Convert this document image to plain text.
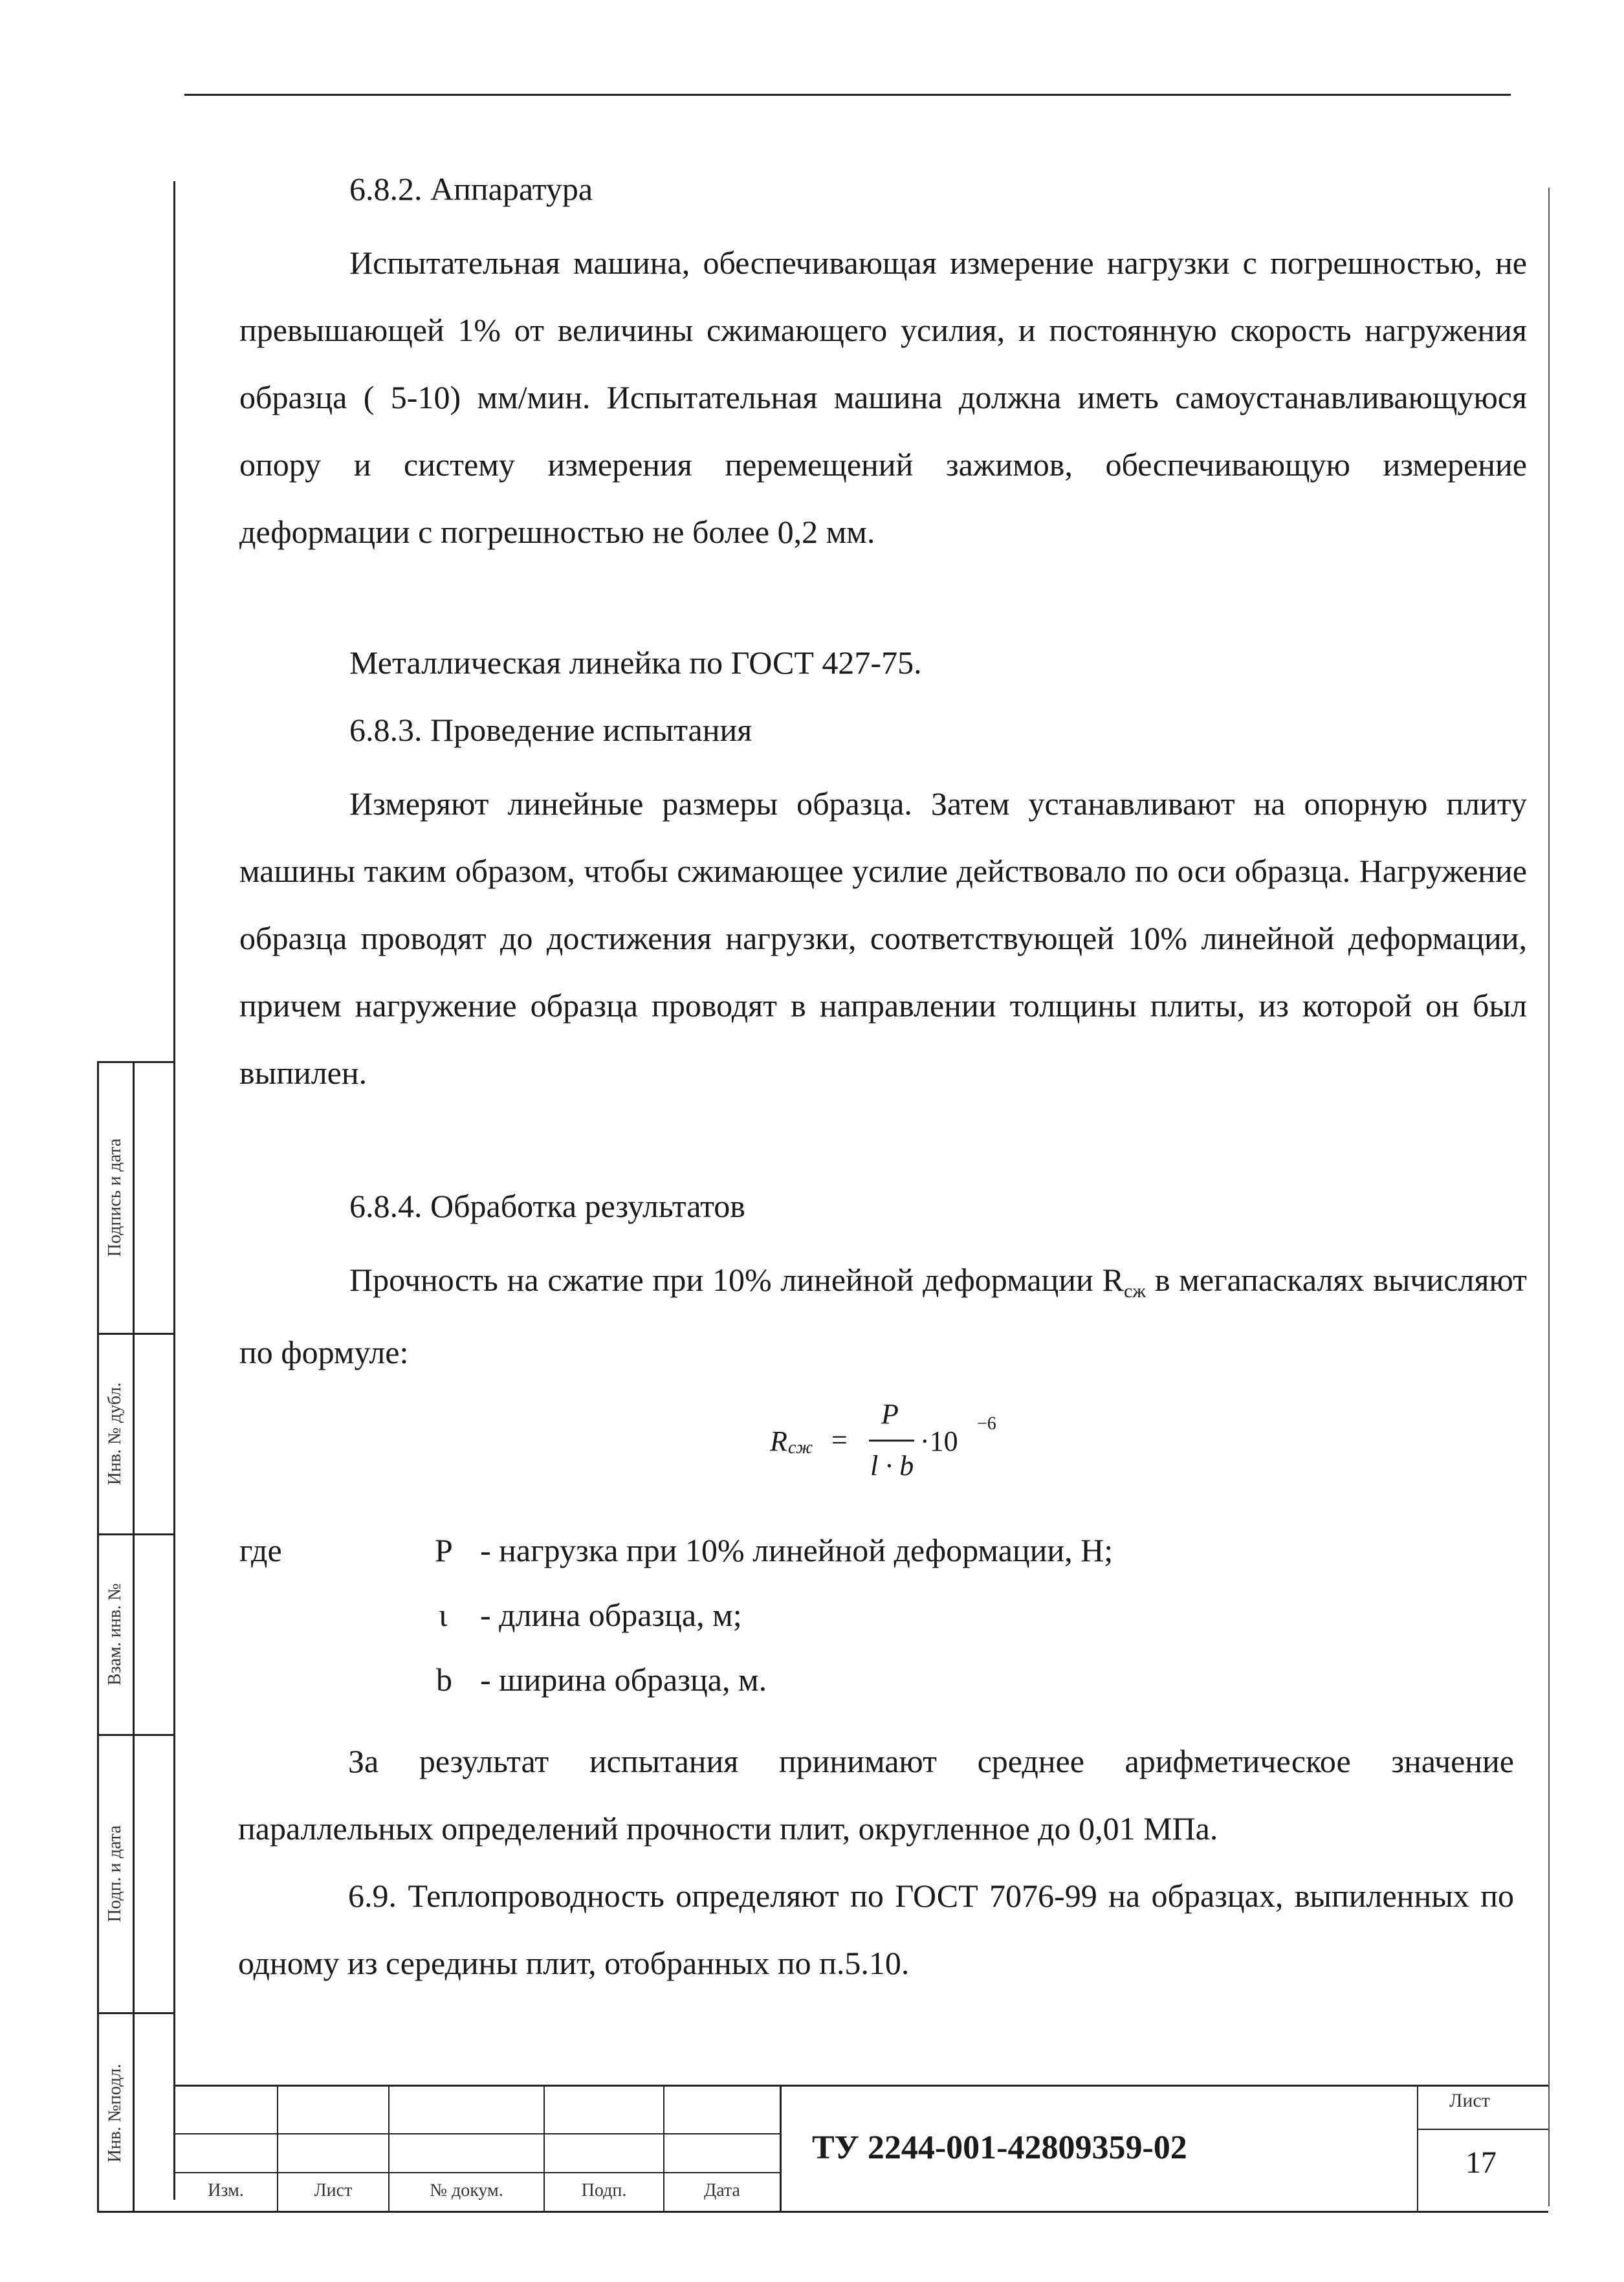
6.8.2. Аппаратура

Испытательная машина, обеспечивающая измерение нагрузки с погрешностью, не превышающей 1% от величины сжимающего усилия, и постоянную скорость нагружения образца ( 5-10) мм/мин. Испытательная машина должна иметь самоустанавливающуюся опору и систему измерения перемещений зажимов, обеспечивающую измерение деформации с погрешностью не более 0,2 мм.

Металлическая линейка по ГОСТ 427-75.
6.8.3. Проведение испытания

Измеряют линейные размеры образца. Затем устанавливают на опорную плиту машины таким образом, чтобы сжимающее усилие действовало по оси образца. Нагружение образца проводят до достижения нагрузки, соответствующей 10% линейной деформации, причем нагружение образца проводят в направлении толщины плиты, из которой он был выпилен.

6.8.4. Обработка результатов

Прочность на сжатие при 10% линейной деформации $R_{сж}$ в мегапаскалях вычисляют по формуле:

R сж =
P
l · b
·10
−6
где	P - нагрузка при 10% линейной деформации, Н;
ι - длина образца, м;
b - ширина образца, м.

За результат испытания принимают среднее арифметическое значение параллельных определений прочности плит, округленное до 0,01 МПа.

6.9. Теплопроводность определяют по ГОСТ 7076-99 на образцах, выпиленных по одному из середины плит, отобранных по п.5.10.

Подпись и дата
Инв. № дубл.
Взам. инв. №
Подп. и дата
Инв. №подл.
Изм.	Лист	№ докум.	Подп.	Дата
ТУ 2244-001-42809359-02
Лист
17
